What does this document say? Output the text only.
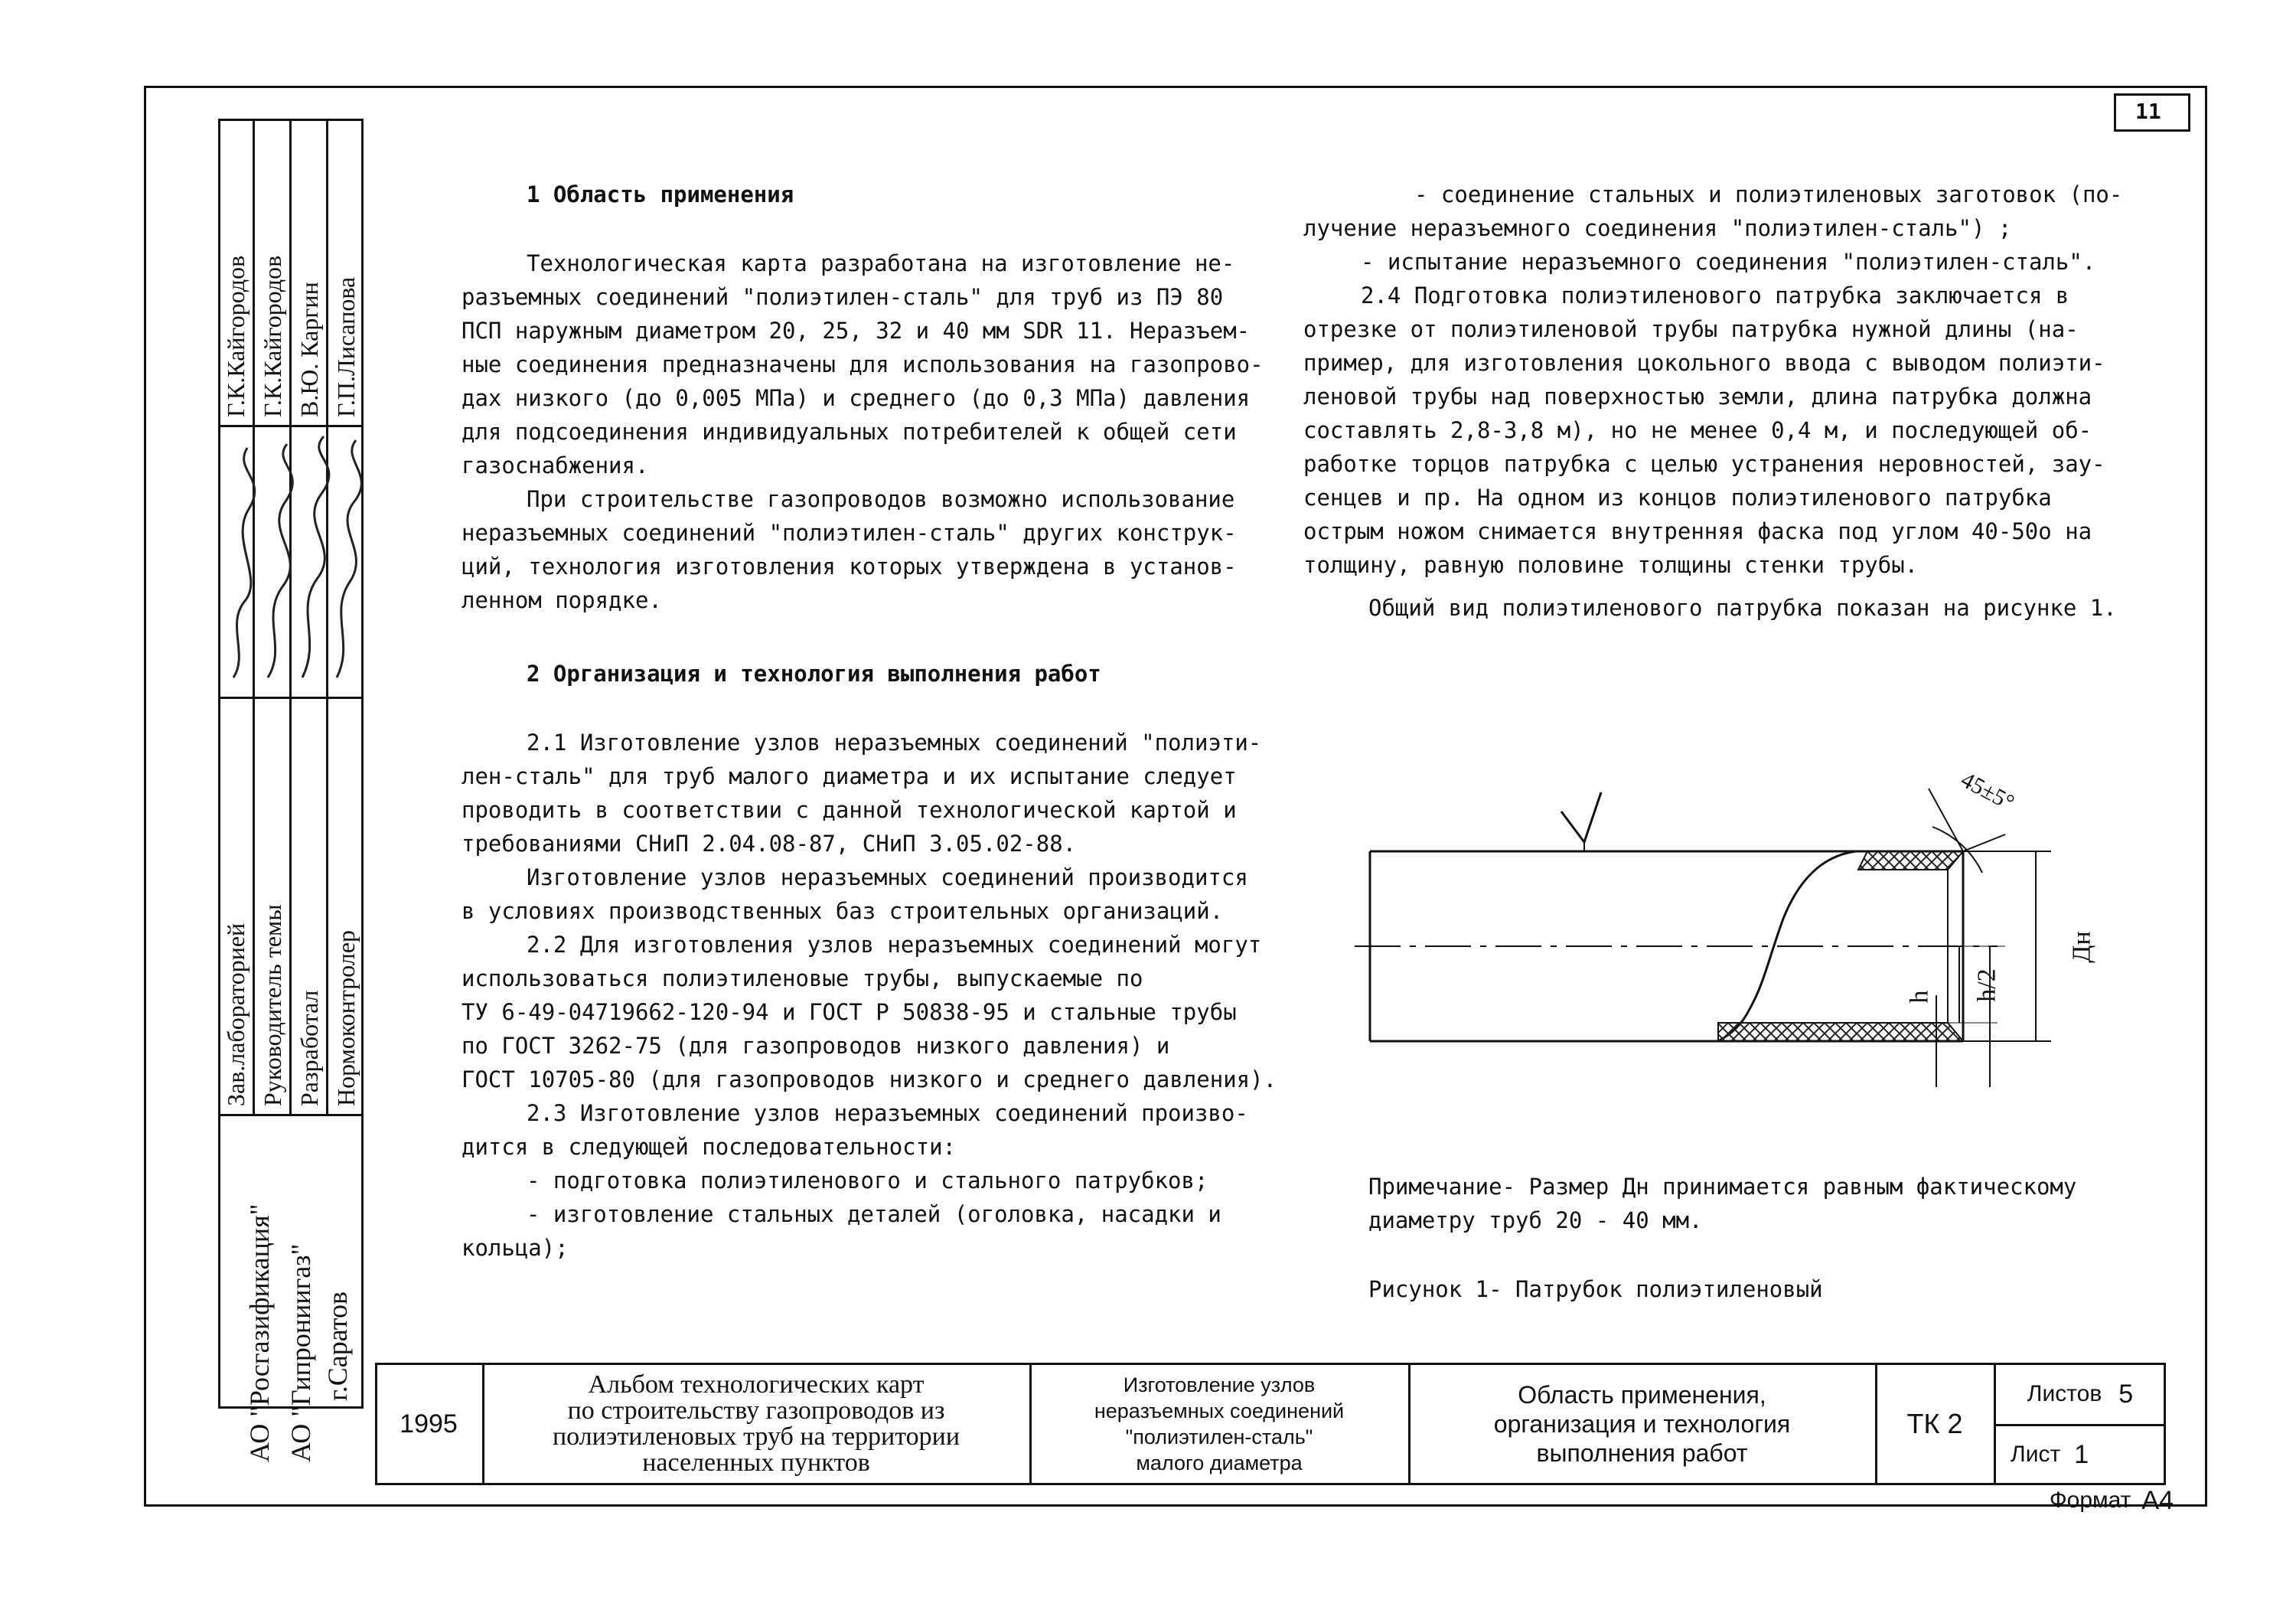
11
Г.К.Кайгородов Г.К.Кайгородов В.Ю. Каргин Г.П.Лисапова
Зав.лабораторией Руководитель темы Разработал Нормоконтролер
АО "Росгазификация" АО "Гипрониигаз" г.Саратов
1 Область применения
Технологическая карта разработана на изготовление не-
разъемных соединений "полиэтилен-сталь" для труб из ПЭ 80
ПСП наружным диаметром 20, 25, 32 и 40 мм SDR 11. Неразъем-
ные соединения предназначены для использования на газопрово-
дах низкого (до 0,005 МПа) и среднего (до 0,3 МПа) давления
для подсоединения индивидуальных потребителей к общей сети
газоснабжения.
При строительстве газопроводов возможно использование
неразъемных соединений "полиэтилен-сталь" других конструк-
ций, технология изготовления которых утверждена в установ-
ленном порядке.
2 Организация и технология выполнения работ
2.1 Изготовление узлов неразъемных соединений "полиэти-
лен-сталь" для труб малого диаметра и их испытание следует
проводить в соответствии с данной технологической картой и
требованиями СНиП 2.04.08-87, СНиП 3.05.02-88.
Изготовление узлов неразъемных соединений производится
в условиях производственных баз строительных организаций.
2.2 Для изготовления узлов неразъемных соединений могут
использоваться полиэтиленовые трубы, выпускаемые по
ТУ 6-49-04719662-120-94 и ГОСТ Р 50838-95 и стальные трубы
по ГОСТ 3262-75 (для газопроводов низкого давления) и
ГОСТ 10705-80 (для газопроводов низкого и среднего давления).
2.3 Изготовление узлов неразъемных соединений произво-
дится в следующей последовательности:
- подготовка полиэтиленового и стального патрубков;
- изготовление стальных деталей (оголовка, насадки и
кольца);
- соединение стальных и полиэтиленовых заготовок (по-
лучение неразъемного соединения "полиэтилен-сталь") ;
- испытание неразъемного соединения "полиэтилен-сталь".
2.4 Подготовка полиэтиленового патрубка заключается в
отрезке от полиэтиленовой трубы патрубка нужной длины (на-
пример, для изготовления цокольного ввода с выводом полиэти-
леновой трубы над поверхностью земли, длина патрубка должна
составлять 2,8-3,8 м), но не менее 0,4 м, и последующей об-
работке торцов патрубка с целью устранения неровностей, зау-
сенцев и пр. На одном из концов полиэтиленового патрубка
острым ножом снимается внутренняя фаска под углом 40-50о на
толщину, равную половине толщины стенки трубы.
Общий вид полиэтиленового патрубка показан на рисунке 1.
45±5°
Дн
h/2
h
Примечание- Размер Дн принимается равным фактическому
диаметру труб 20 - 40 мм.
Рисунок 1- Патрубок полиэтиленовый
1995
Альбом технологических карт
по строительству газопроводов из
полиэтиленовых труб на территории
населенных пунктов
Изготовление узлов
неразъемных соединений
"полиэтилен-сталь"
малого диаметра
Область применения,
организация и технология
выполнения работ
ТК 2
Листов 5
Лист 1
Формат А4
